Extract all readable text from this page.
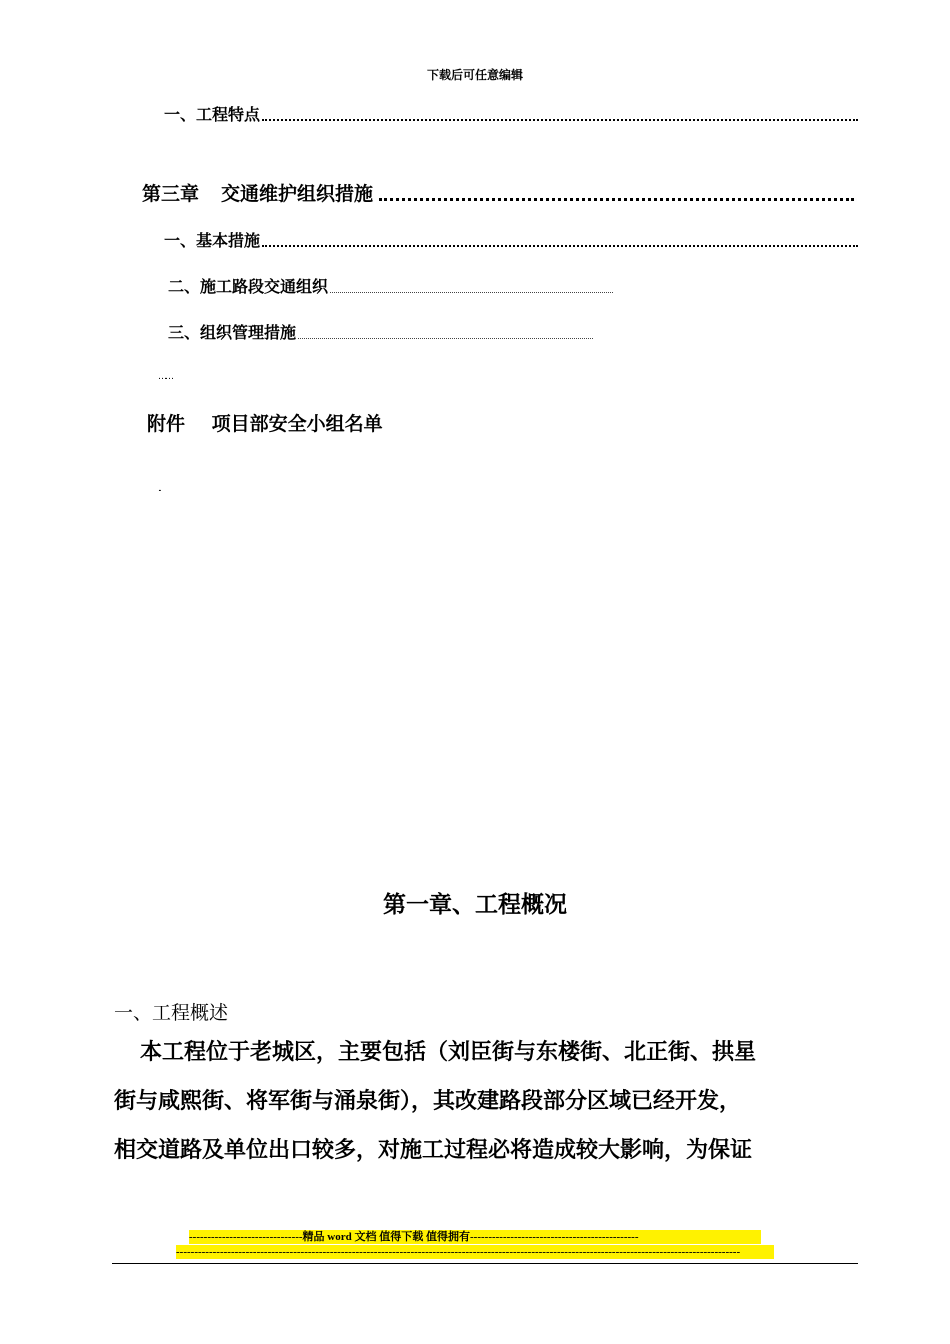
下载后可任意编辑
一、工程特点
第三章 交通维护组织措施
一、基本措施
二、施工路段交通组织
三、组织管理措施
……
附件 项目部安全小组名单
..
第一章、工程概况
一、工程概述
本工程位于老城区，主要包括（刘臣街与东楼街、北正街、拱星
街与咸熙街、将军街与涌泉街），其改建路段部分区域已经开发，
相交道路及单位出口较多，对施工过程必将造成较大影响，为保证
-------------------------------精品 word 文档 值得下载 值得拥有----------------------------------------------
----------------------------------------------------------------------------------------------------------------------------------------------------------
